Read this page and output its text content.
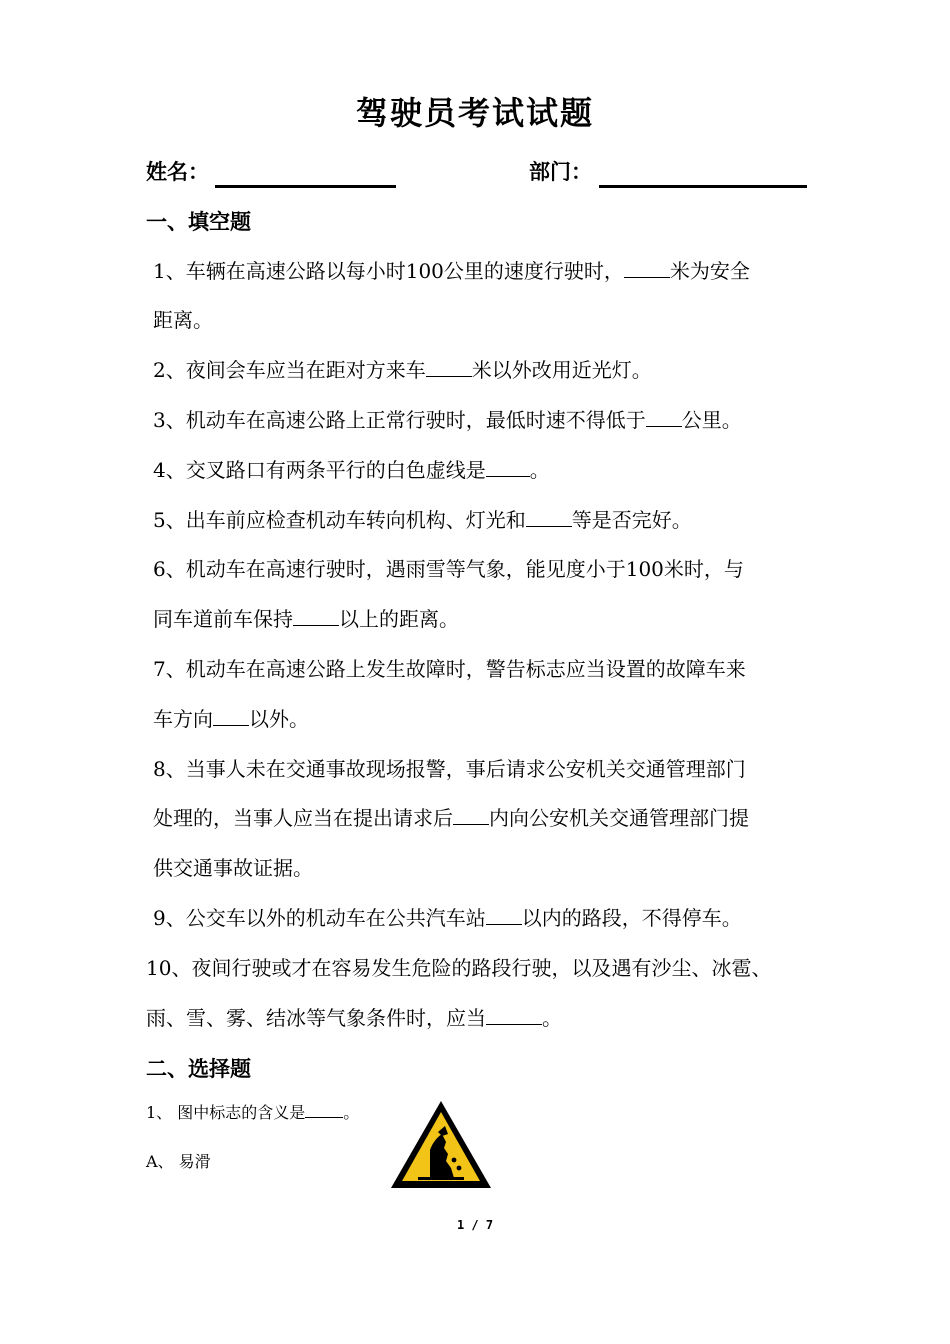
驾驶员考试试题
姓名：	部门：
一、填空题
1、车辆在高速公路以每小时100公里的速度行驶时， 米为安全
距离。
2、夜间会车应当在距对方来车 米以外改用近光灯。
3、机动车在高速公路上正常行驶时，最低时速不得低于 公里。
4、交叉路口有两条平行的白色虚线是 。
5、出车前应检查机动车转向机构、灯光和 等是否完好。
6、机动车在高速行驶时，遇雨雪等气象，能见度小于100米时，与
同车道前车保持 以上的距离。
7、机动车在高速公路上发生故障时，警告标志应当设置的故障车来
车方向 以外。
8、当事人未在交通事故现场报警，事后请求公安机关交通管理部门
处理的，当事人应当在提出请求后 内向公安机关交通管理部门提
供交通事故证据。
9、公交车以外的机动车在公共汽车站 以内的路段，不得停车。
10、夜间行驶或才在容易发生危险的路段行驶，以及遇有沙尘、冰雹、
雨、雪、雾、结冰等气象条件时，应当	。
二、选择题
1、 图中标志的含义是 。
A、 易滑
1 / 7
